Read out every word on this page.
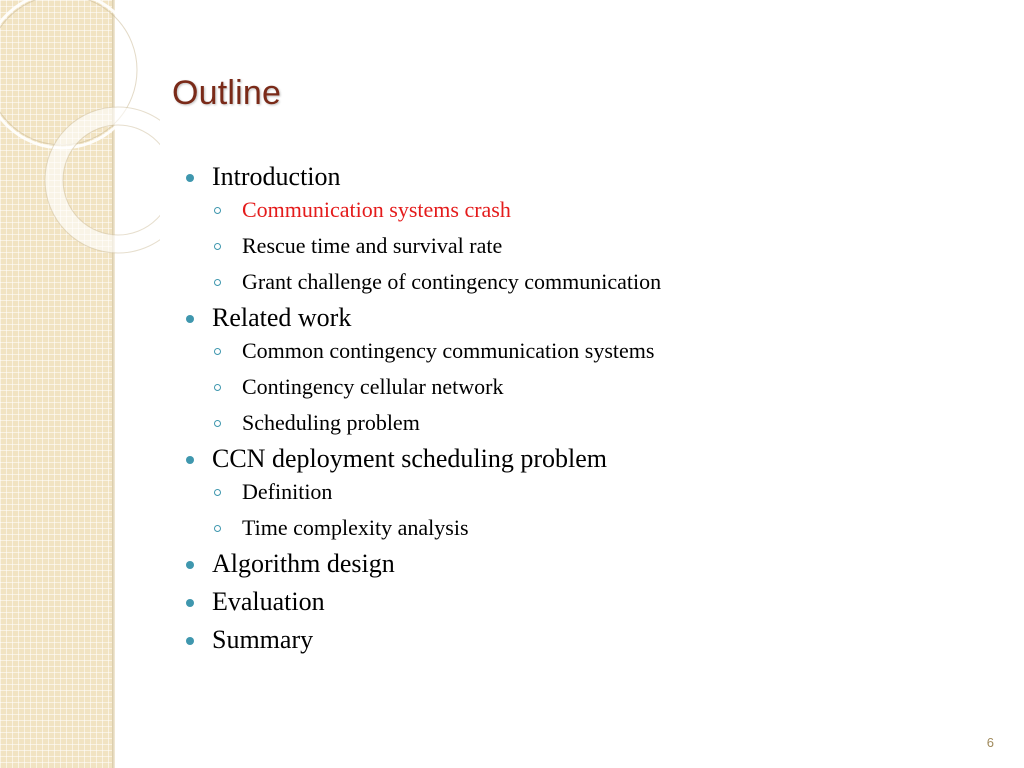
Outline
Introduction
Communication systems crash
Rescue time and survival rate
Grant challenge of contingency communication
Related work
Common contingency communication systems
Contingency cellular network
Scheduling problem
CCN deployment scheduling problem
Definition
Time complexity analysis
Algorithm design
Evaluation
Summary
6
